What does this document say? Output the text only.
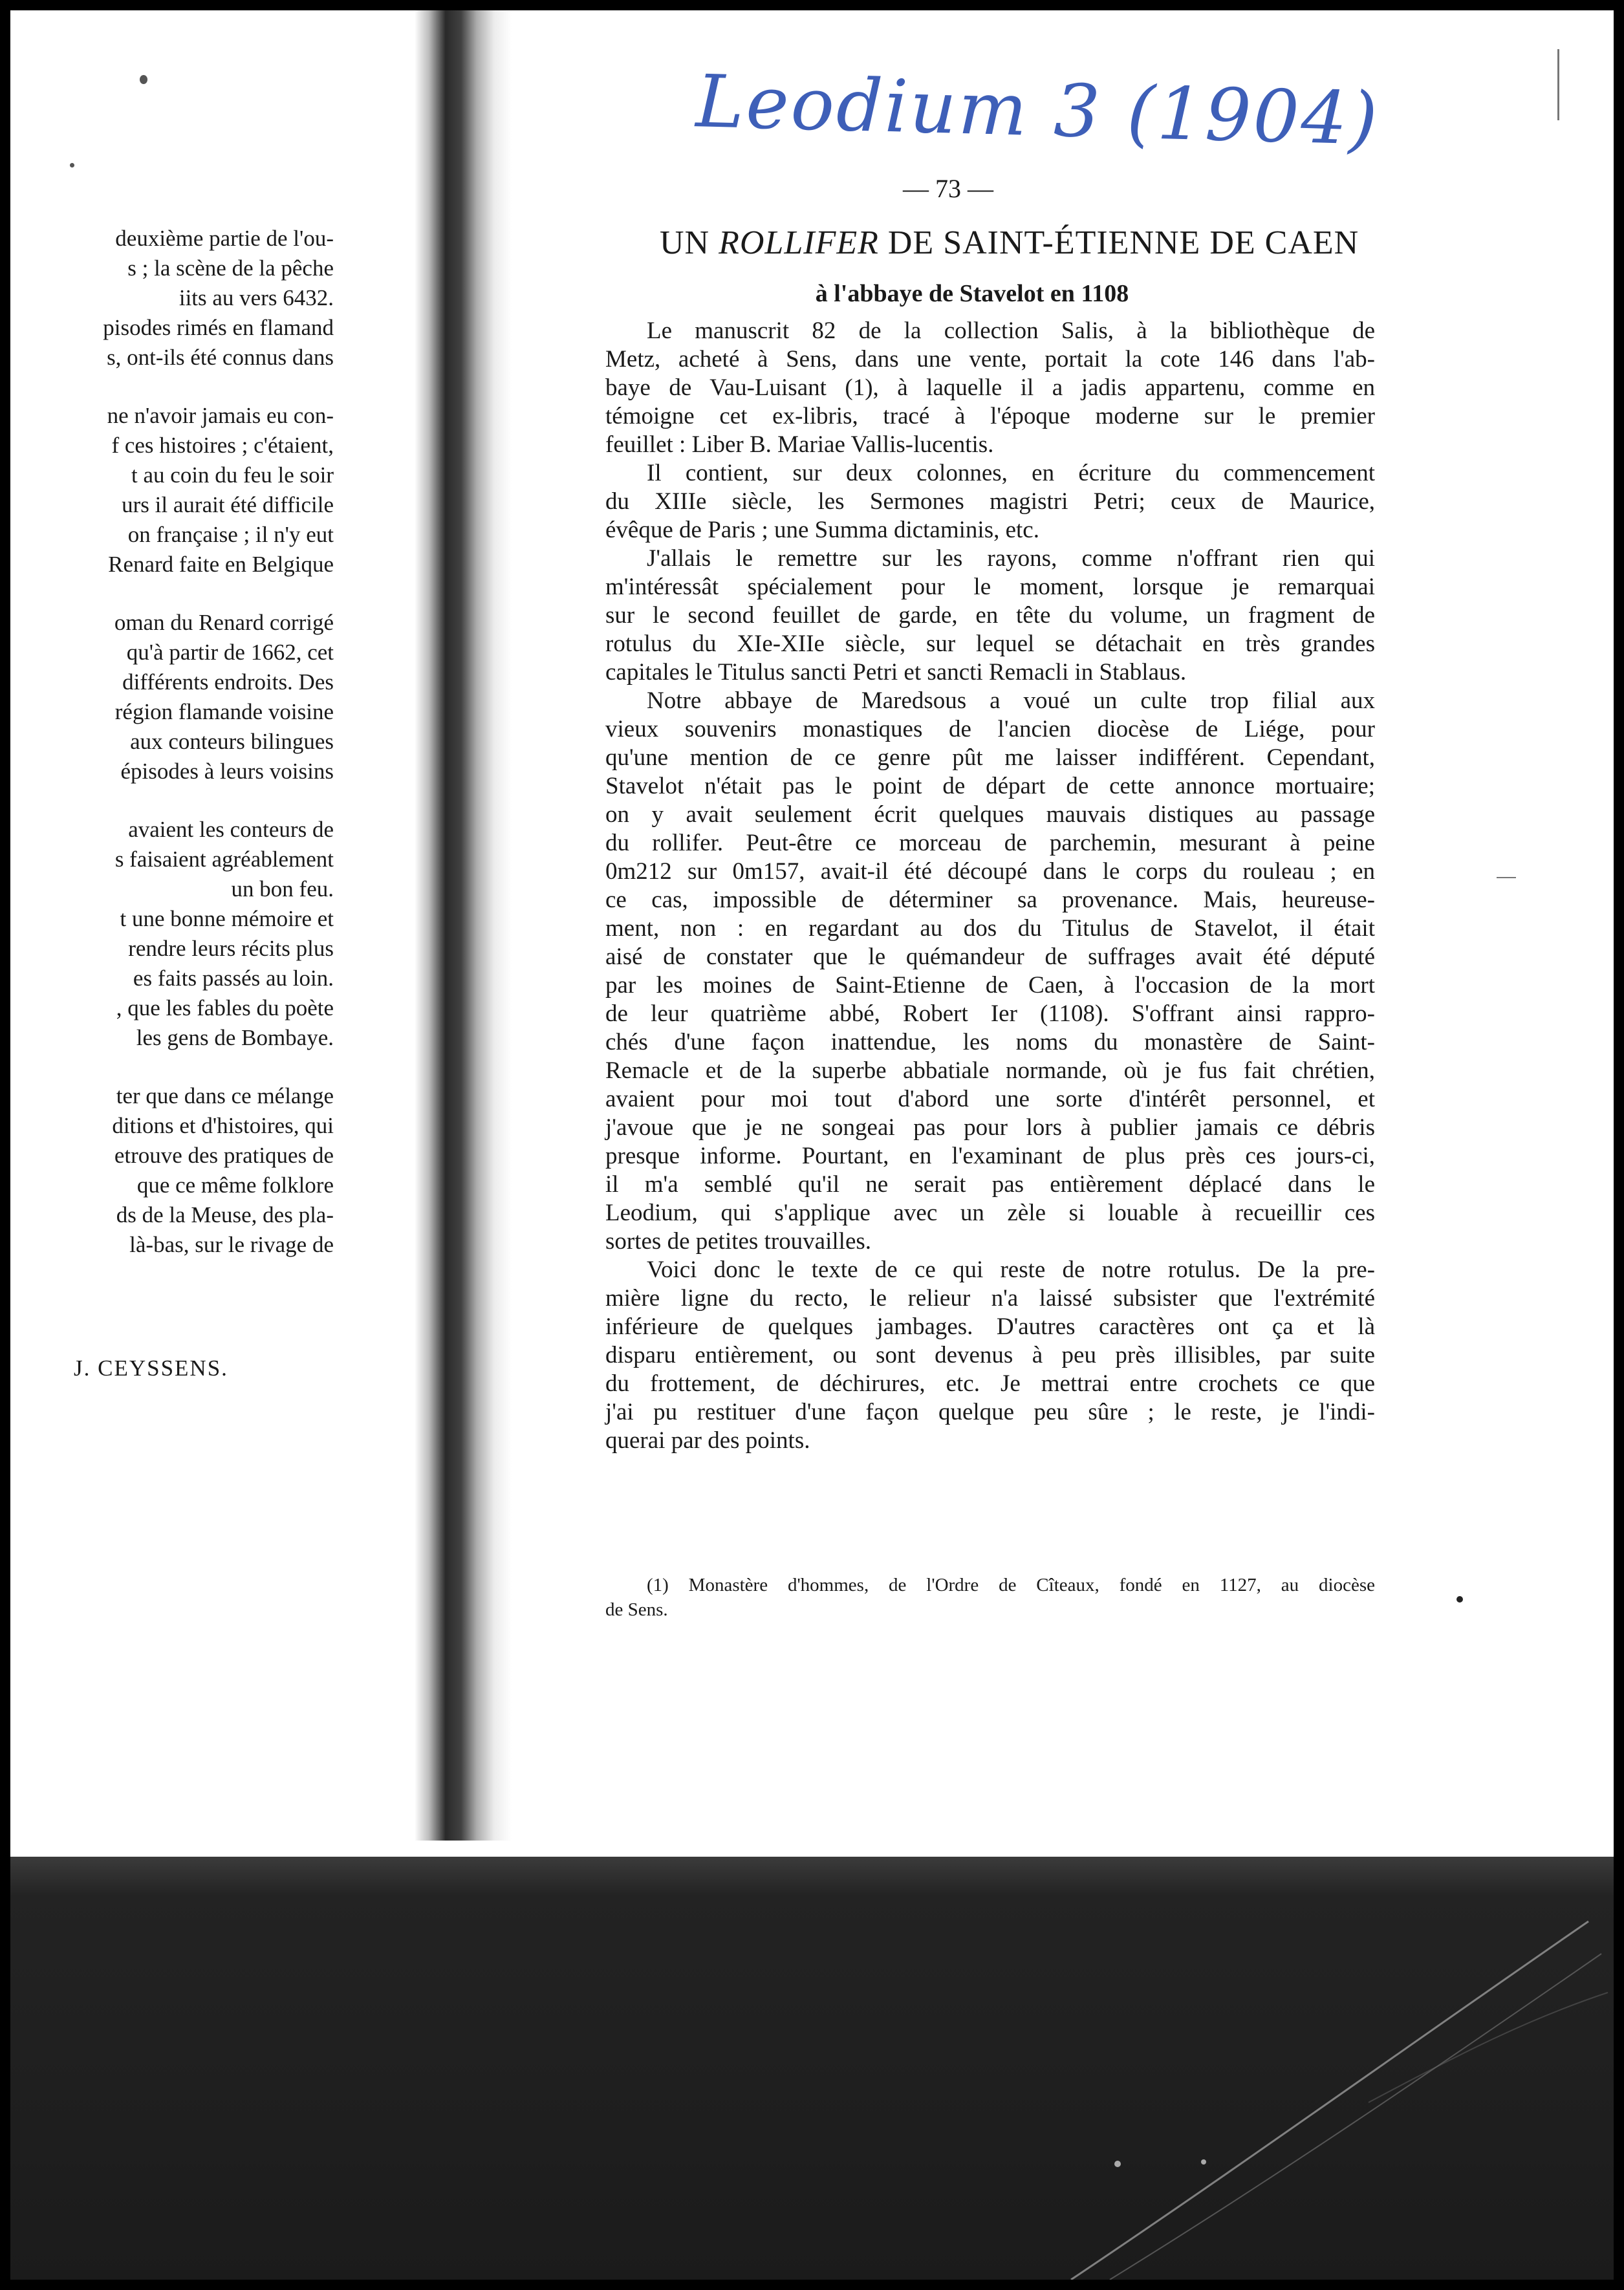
deuxième partie de l'ou-
s ; la scène de la pêche
iits au vers 6432.
pisodes rimés en flamand
s, ont-ils été connus dans
ne n'avoir jamais eu con-
f ces histoires ; c'étaient,
t au coin du feu le soir
urs il aurait été difficile
on française ; il n'y eut
Renard faite en Belgique
oman du Renard corrigé
qu'à partir de 1662, cet
différents endroits. Des
région flamande voisine
aux conteurs bilingues
épisodes à leurs voisins
avaient les conteurs de
s faisaient agréablement
un bon feu.
t une bonne mémoire et
rendre leurs récits plus
es faits passés au loin.
, que les fables du poète
les gens de Bombaye.
ter que dans ce mélange
ditions et d'histoires, qui
etrouve des pratiques de
que ce même folklore
ds de la Meuse, des pla-
là-bas, sur le rivage de
J. CEYSSENS.
Leodium 3 (1904)
— 73 —
UN ROLLIFER DE SAINT-ÉTIENNE DE CAEN
à l'abbaye de Stavelot en 1108
Le manuscrit 82 de la collection Salis, à la bibliothèque de
Metz, acheté à Sens, dans une vente, portait la cote 146 dans l'ab-
baye de Vau-Luisant (1), à laquelle il a jadis appartenu, comme en
témoigne cet ex-libris, tracé à l'époque moderne sur le premier
feuillet : Liber B. Mariae Vallis-lucentis.
Il contient, sur deux colonnes, en écriture du commencement
du XIIIe siècle, les Sermones magistri Petri; ceux de Maurice,
évêque de Paris ; une Summa dictaminis, etc.
J'allais le remettre sur les rayons, comme n'offrant rien qui
m'intéressât spécialement pour le moment, lorsque je remarquai
sur le second feuillet de garde, en tête du volume, un fragment de
rotulus du XIe-XIIe siècle, sur lequel se détachait en très grandes
capitales le Titulus sancti Petri et sancti Remacli in Stablaus.
Notre abbaye de Maredsous a voué un culte trop filial aux
vieux souvenirs monastiques de l'ancien diocèse de Liége, pour
qu'une mention de ce genre pût me laisser indifférent. Cependant,
Stavelot n'était pas le point de départ de cette annonce mortuaire;
on y avait seulement écrit quelques mauvais distiques au passage
du rollifer. Peut-être ce morceau de parchemin, mesurant à peine
0m212 sur 0m157, avait-il été découpé dans le corps du rouleau ; en
ce cas, impossible de déterminer sa provenance. Mais, heureuse-
ment, non : en regardant au dos du Titulus de Stavelot, il était
aisé de constater que le quémandeur de suffrages avait été député
par les moines de Saint-Etienne de Caen, à l'occasion de la mort
de leur quatrième abbé, Robert Ier (1108). S'offrant ainsi rappro-
chés d'une façon inattendue, les noms du monastère de Saint-
Remacle et de la superbe abbatiale normande, où je fus fait chrétien,
avaient pour moi tout d'abord une sorte d'intérêt personnel, et
j'avoue que je ne songeai pas pour lors à publier jamais ce débris
presque informe. Pourtant, en l'examinant de plus près ces jours-ci,
il m'a semblé qu'il ne serait pas entièrement déplacé dans le
Leodium, qui s'applique avec un zèle si louable à recueillir ces
sortes de petites trouvailles.
Voici donc le texte de ce qui reste de notre rotulus. De la pre-
mière ligne du recto, le relieur n'a laissé subsister que l'extrémité
inférieure de quelques jambages. D'autres caractères ont ça et là
disparu entièrement, ou sont devenus à peu près illisibles, par suite
du frottement, de déchirures, etc. Je mettrai entre crochets ce que
j'ai pu restituer d'une façon quelque peu sûre ; le reste, je l'indi-
querai par des points.
(1) Monastère d'hommes, de l'Ordre de Cîteaux, fondé en 1127, au diocèse
de Sens.
